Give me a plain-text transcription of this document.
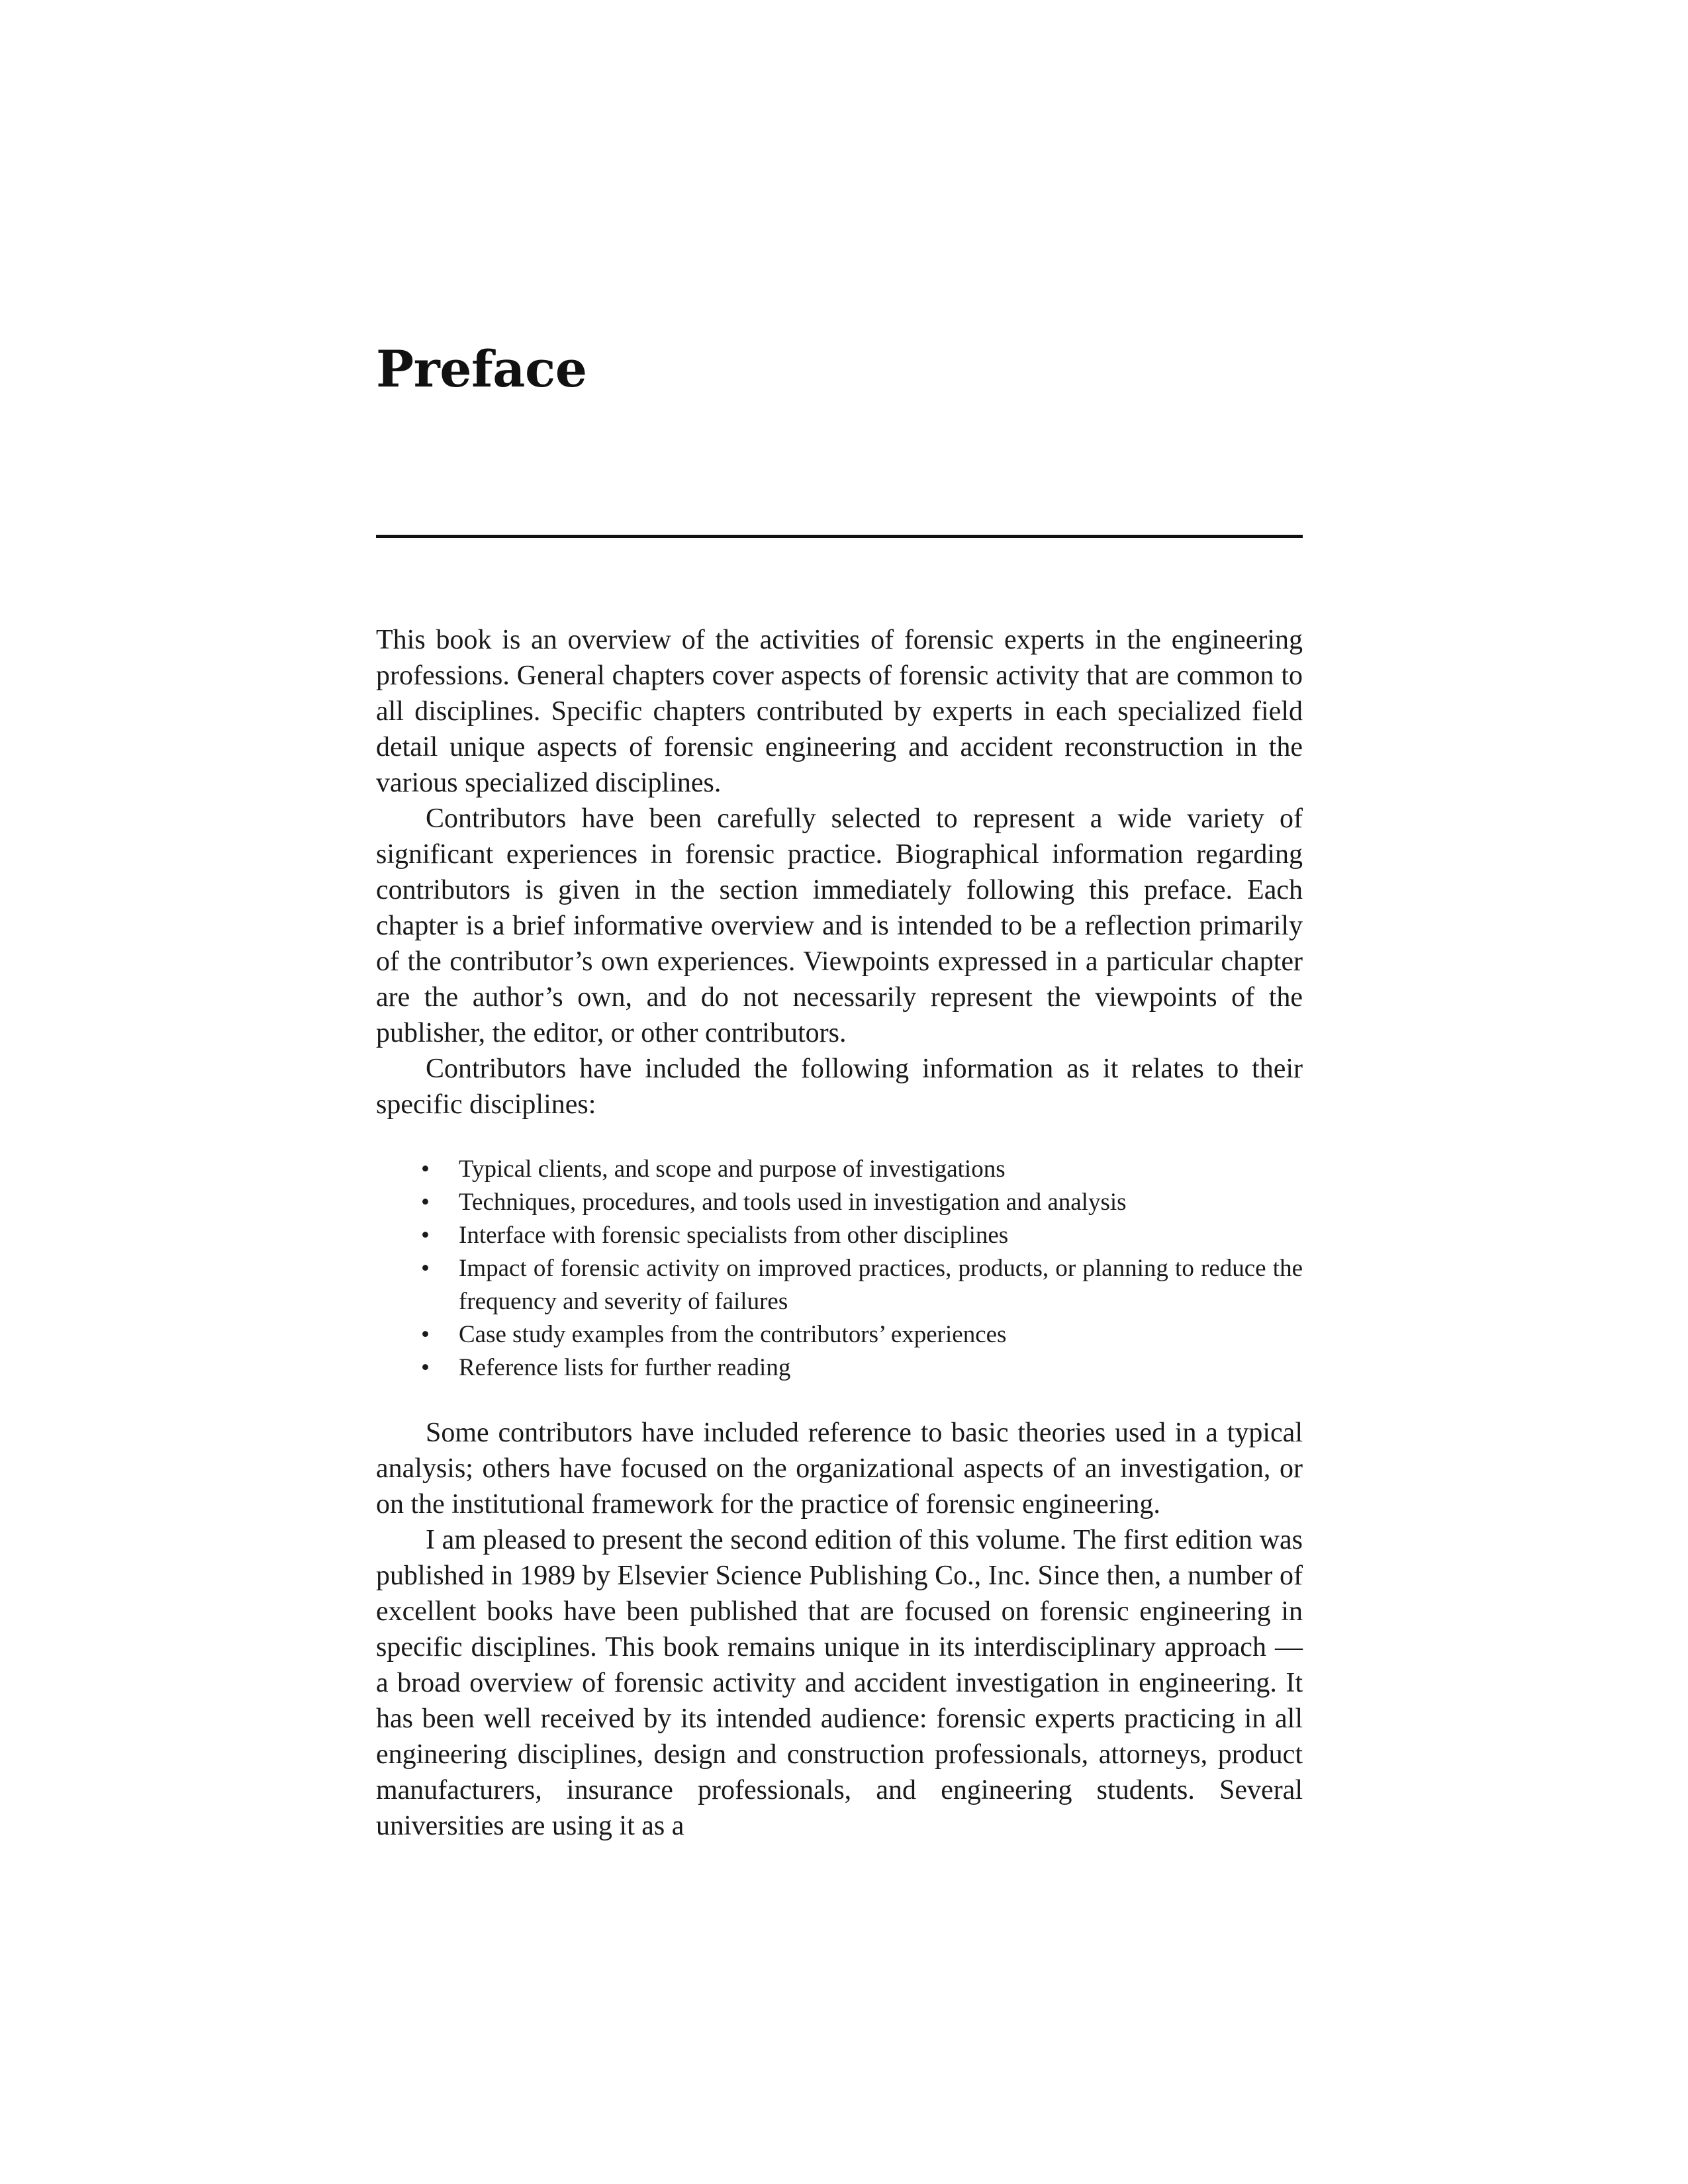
Preface

This book is an overview of the activities of forensic experts in the engineering professions. General chapters cover aspects of forensic activity that are common to all disciplines. Specific chapters contributed by experts in each specialized field detail unique aspects of forensic engineering and accident reconstruction in the various specialized disciplines.

Contributors have been carefully selected to represent a wide variety of significant experiences in forensic practice. Biographical information regarding contributors is given in the section immediately following this preface. Each chapter is a brief informative overview and is intended to be a reflection primarily of the contributor’s own experiences. Viewpoints expressed in a particular chapter are the author’s own, and do not necessarily represent the viewpoints of the publisher, the editor, or other contributors.

Contributors have included the following information as it relates to their specific disciplines:

• Typical clients, and scope and purpose of investigations
• Techniques, procedures, and tools used in investigation and analysis
• Interface with forensic specialists from other disciplines
• Impact of forensic activity on improved practices, products, or planning to reduce the frequency and severity of failures
• Case study examples from the contributors’ experiences
• Reference lists for further reading

Some contributors have included reference to basic theories used in a typical analysis; others have focused on the organizational aspects of an investigation, or on the institutional framework for the practice of forensic engineering.

I am pleased to present the second edition of this volume. The first edition was published in 1989 by Elsevier Science Publishing Co., Inc. Since then, a number of excellent books have been published that are focused on forensic engineering in specific disciplines. This book remains unique in its interdisciplinary approach — a broad overview of forensic activity and accident investigation in engineering. It has been well received by its intended audience: forensic experts practicing in all engineering disciplines, design and construction professionals, attorneys, product manufacturers, insurance professionals, and engineering students. Several universities are using it as a
